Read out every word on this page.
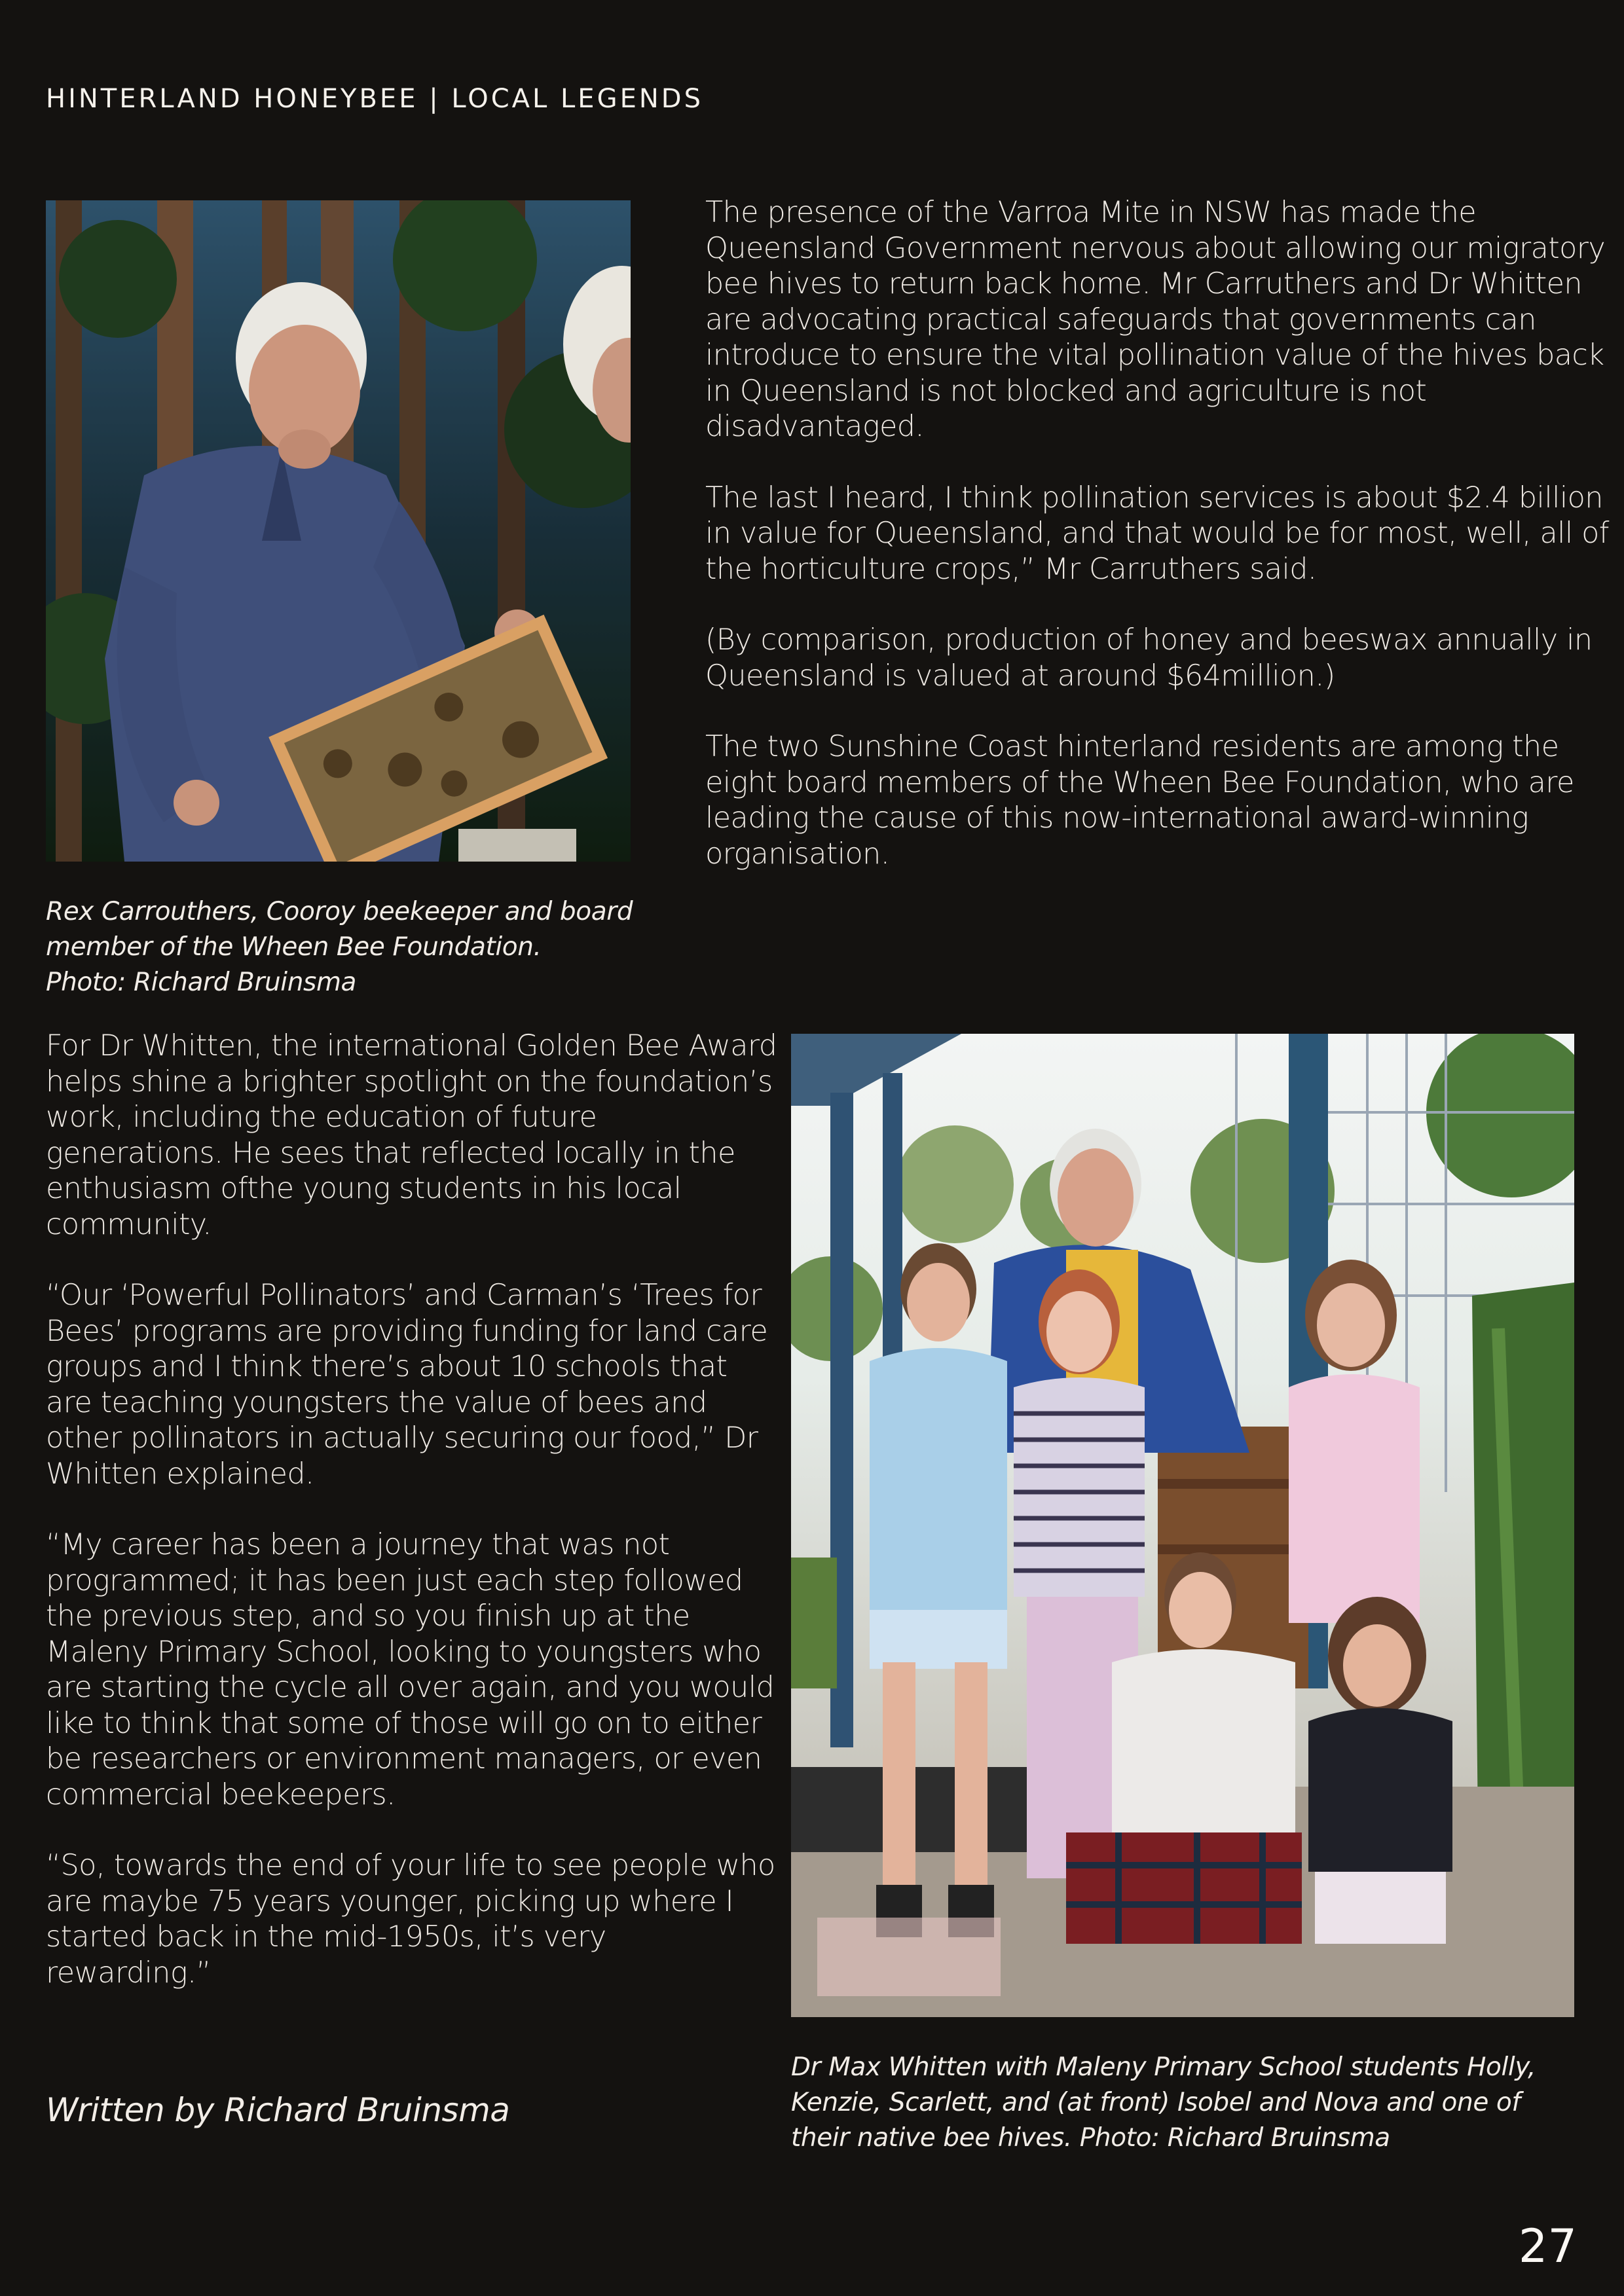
HINTERLAND HONEYBEE | LOCAL LEGENDS

The presence of the Varroa Mite in NSW has made the Queensland Government nervous about allowing our migratory bee hives to return back home. Mr Carruthers and Dr Whitten are advocating practical safeguards that governments can introduce to ensure the vital pollination value of the hives back in Queensland is not blocked and agriculture is not disadvantaged.

The last I heard, I think pollination services is about $2.4 billion in value for Queensland, and that would be for most, well, all of the horticulture crops,” Mr Carruthers said.

(By comparison, production of honey and beeswax annually in Queensland is valued at around $64million.)

The two Sunshine Coast hinterland residents are among the eight board members of the Wheen Bee Foundation, who are leading the cause of this now-international award-winning organisation.

Rex Carrouthers, Cooroy beekeeper and board
member of the Wheen Bee Foundation.
Photo: Richard Bruinsma

For Dr Whitten, the international Golden Bee Award helps shine a brighter spotlight on the foundation’s work, including the education of future generations. He sees that reflected locally in the enthusiasm ofthe young students in his local community.

“Our ‘Powerful Pollinators’ and Carman’s ‘Trees for Bees’ programs are providing funding for land care groups and I think there’s about 10 schools that are teaching youngsters the value of bees and other pollinators in actually securing our food,” Dr Whitten explained.

“My career has been a journey that was not programmed; it has been just each step followed the previous step, and so you finish up at the Maleny Primary School, looking to youngsters who are starting the cycle all over again, and you would like to think that some of those will go on to either be researchers or environment managers, or even commercial beekeepers.

“So, towards the end of your life to see people who are maybe 75 years younger, picking up where I started back in the mid-1950s, it’s very rewarding.”

Dr Max Whitten with Maleny Primary School students Holly,
Kenzie, Scarlett, and (at front) Isobel and Nova and one of
their native bee hives. Photo: Richard Bruinsma
Written by Richard Bruinsma
27
